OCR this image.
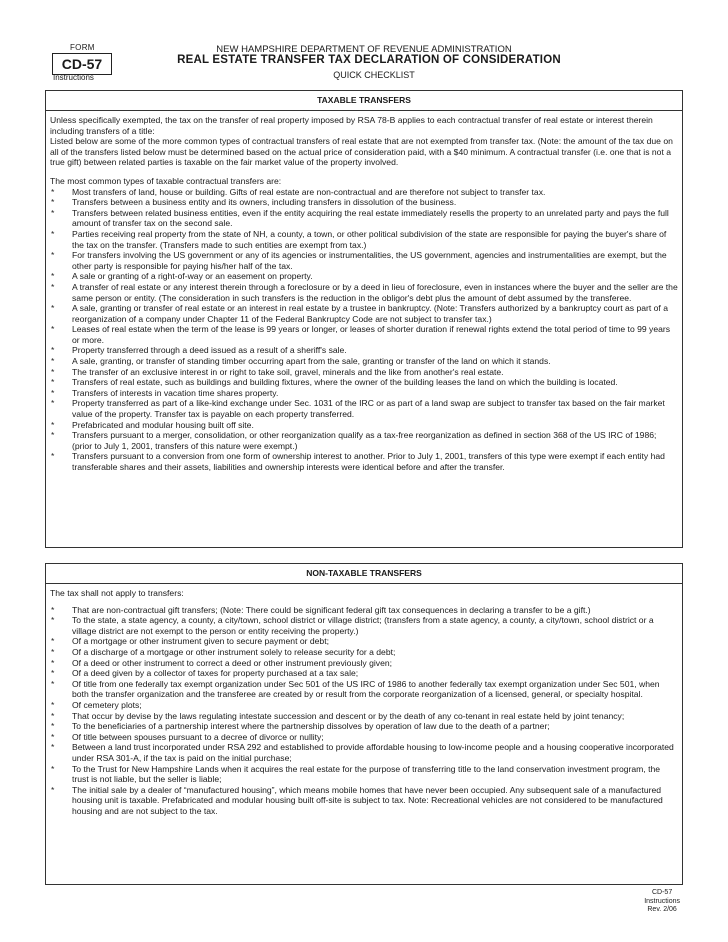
FORM
CD-57
Instructions
NEW HAMPSHIRE DEPARTMENT OF REVENUE ADMINISTRATION
REAL ESTATE TRANSFER TAX DECLARATION OF CONSIDERATION
QUICK CHECKLIST
TAXABLE TRANSFERS

Unless specifically exempted, the tax on the transfer of real property imposed by RSA 78-B applies to each contractual transfer of real estate or interest therein including transfers of a title:

Listed below are some of the more common types of contractual transfers of real estate that are not exempted from transfer tax. (Note: the amount of the tax due on all of the transfers listed below must be determined based on the actual price of consideration paid, with a $40 minimum. A contractual transfer (i.e. one that is not a true gift) between related parties is taxable on the fair market value of the property involved.

The most common types of taxable contractual transfers are:

* Most transfers of land, house or building. Gifts of real estate are non-contractual and are therefore not subject to transfer tax.
* Transfers between a business entity and its owners, including transfers in dissolution of the business.
* Transfers between related business entities, even if the entity acquiring the real estate immediately resells the property to an unrelated party and pays the full amount of transfer tax on the second sale.
* Parties receiving real property from the state of NH, a county, a town, or other political subdivision of the state are responsible for paying the buyer's share of the tax on the transfer. (Transfers made to such entities are exempt from tax.)
* For transfers involving the US government or any of its agencies or instrumentalities, the US government, agencies and instrumentalities are exempt, but the other party is responsible for paying his/her half of the tax.
* A sale or granting of a right-of-way or an easement on property.
* A transfer of real estate or any interest therein through a foreclosure or by a deed in lieu of foreclosure, even in instances where the buyer and the seller are the same person or entity. (The consideration in such transfers is the reduction in the obligor's debt plus the amount of debt assumed by the transferee.
* A sale, granting or transfer of real estate or an interest in real estate by a trustee in bankruptcy. (Note: Transfers authorized by a bankruptcy court as part of a reorganization of a company under Chapter 11 of the Federal Bankruptcy Code are not subject to transfer tax.)
* Leases of real estate when the term of the lease is 99 years or longer, or leases of shorter duration if renewal rights extend the total period of time to 99 years or more.
* Property transferred through a deed issued as a result of a sheriff's sale.
* A sale, granting, or transfer of standing timber occurring apart from the sale, granting or transfer of the land on which it stands.
* The transfer of an exclusive interest in or right to take soil, gravel, minerals and the like from another's real estate.
* Transfers of real estate, such as buildings and building fixtures, where the owner of the building leases the land on which the building is located.
* Transfers of interests in vacation time shares property.
* Property transferred as part of a like-kind exchange under Sec. 1031 of the IRC or as part of a land swap are subject to transfer tax based on the fair market value of the property. Transfer tax is payable on each property transferred.
* Prefabricated and modular housing built off site.
* Transfers pursuant to a merger, consolidation, or other reorganization qualify as a tax-free reorganization as defined in section 368 of the US IRC of 1986; (prior to July 1, 2001, transfers of this nature were exempt.)
* Transfers pursuant to a conversion from one form of ownership interest to another. Prior to July 1, 2001, transfers of this type were exempt if each entity had transferable shares and their assets, liabilities and ownership interests were identical before and after the transfer.
NON-TAXABLE TRANSFERS

The tax shall not apply to transfers:

* That are non-contractual gift transfers; (Note: There could be significant federal gift tax consequences in declaring a transfer to be a gift.)
* To the state, a state agency, a county, a city/town, school district or village district; (transfers from a state agency, a county, a city/town, school district or a village district are not exempt to the person or entity receiving the property.)
* Of a mortgage or other instrument given to secure payment or debt;
* Of a discharge of a mortgage or other instrument solely to release security for a debt;
* Of a deed or other instrument to correct a deed or other instrument previously given;
* Of a deed given by a collector of taxes for property purchased at a tax sale;
* Of title from one federally tax exempt organization under Sec 501 of the US IRC of 1986 to another federally tax exempt organization under Sec 501, when both the transfer organization and the transferee are created by or result from the corporate reorganization of a licensed, general, or specialty hospital.
* Of cemetery plots;
* That occur by devise by the laws regulating intestate succession and descent or by the death of any co-tenant in real estate held by joint tenancy;
* To the beneficiaries of a partnership interest where the partnership dissolves by operation of law due to the death of a partner;
* Of title between spouses pursuant to a decree of divorce or nullity;
* Between a land trust incorporated under RSA 292 and established to provide affordable housing to low-income people and a housing cooperative incorporated under RSA 301-A, if the tax is paid on the initial purchase;
* To the Trust for New Hampshire Lands when it acquires the real estate for the purpose of transferring title to the land conservation investment program, the trust is not liable, but the seller is liable;
* The initial sale by a dealer of “manufactured housing”, which means mobile homes that have never been occupied. Any subsequent sale of a manufactured housing unit is taxable. Prefabricated and modular housing built off-site is subject to tax. Note: Recreational vehicles are not considered to be manufactured housing and are not subject to the tax.
CD-57
Instructions
Rev. 2/06
